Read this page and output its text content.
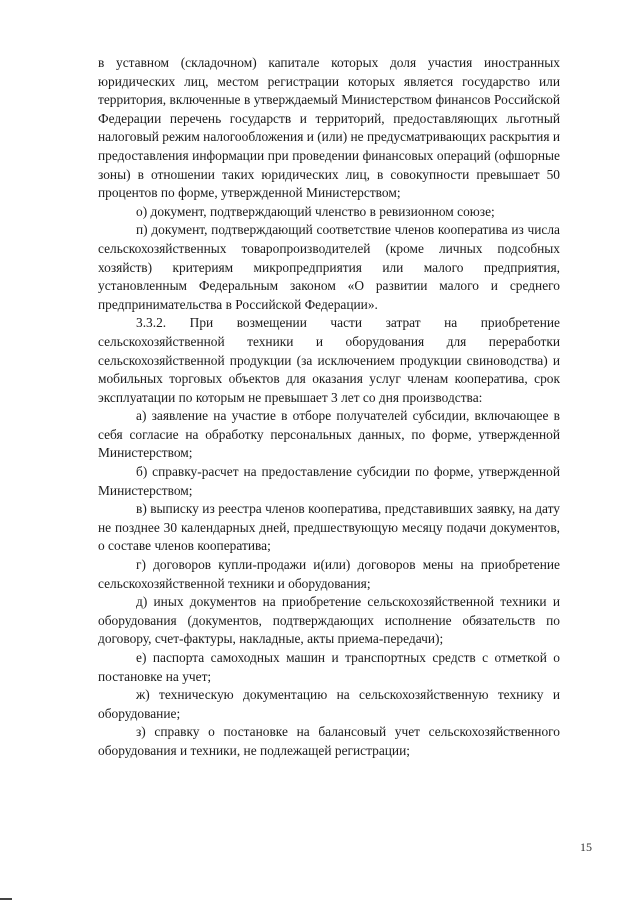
в уставном (складочном) капитале которых доля участия иностранных юридических лиц, местом регистрации которых является государство или территория, включенные в утверждаемый Министерством финансов Российской Федерации перечень государств и территорий, предоставляющих льготный налоговый режим налогообложения и (или) не предусматривающих раскрытия и предоставления информации при проведении финансовых операций (офшорные зоны) в отношении таких юридических лиц, в совокупности превышает 50 процентов по форме, утвержденной Министерством;

о) документ, подтверждающий членство в ревизионном союзе;

п) документ, подтверждающий соответствие членов кооператива из числа сельскохозяйственных товаропроизводителей (кроме личных подсобных хозяйств) критериям микропредприятия или малого предприятия, установленным Федеральным законом «О развитии малого и среднего предпринимательства в Российской Федерации».

3.3.2. При возмещении части затрат на приобретение сельскохозяйственной техники и оборудования для переработки сельскохозяйственной продукции (за исключением продукции свиноводства) и мобильных торговых объектов для оказания услуг членам кооператива, срок эксплуатации по которым не превышает 3 лет со дня производства:

а) заявление на участие в отборе получателей субсидии, включающее в себя согласие на обработку персональных данных, по форме, утвержденной Министерством;

б) справку-расчет на предоставление субсидии по форме, утвержденной Министерством;

в) выписку из реестра членов кооператива, представивших заявку, на дату не позднее 30 календарных дней, предшествующую месяцу подачи документов, о составе членов кооператива;

г) договоров купли-продажи и(или) договоров мены на приобретение сельскохозяйственной техники и оборудования;

д) иных документов на приобретение сельскохозяйственной техники и оборудования (документов, подтверждающих исполнение обязательств по договору, счет-фактуры, накладные, акты приема-передачи);

е) паспорта самоходных машин и транспортных средств с отметкой о постановке на учет;

ж) техническую документацию на сельскохозяйственную технику и оборудование;

з) справку о постановке на балансовый учет сельскохозяйственного оборудования и техники, не подлежащей регистрации;

15
